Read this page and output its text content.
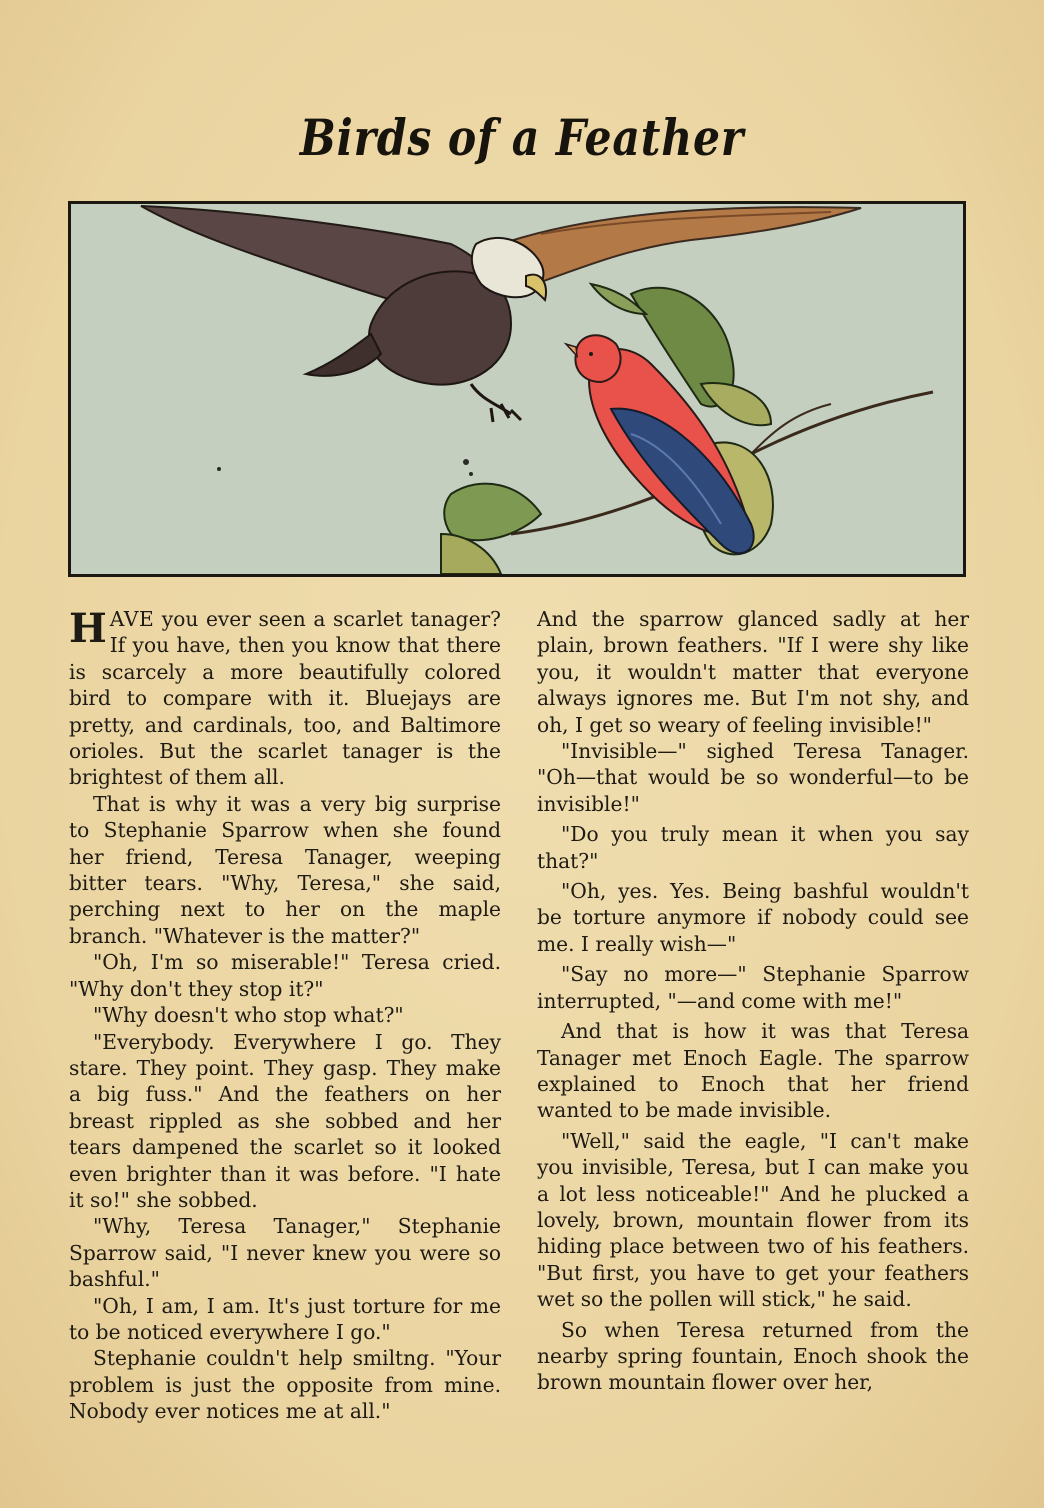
Birds of a Feather

HAVE you ever seen a scarlet tanager? If you have, then you know that there is scarcely a more beautifully colored bird to compare with it. Bluejays are pretty, and cardinals, too, and Baltimore orioles. But the scarlet tanager is the brightest of them all.

That is why it was a very big surprise to Stephanie Sparrow when she found her friend, Teresa Tanager, weeping bitter tears. "Why, Teresa," she said, perching next to her on the maple branch. "Whatever is the matter?"

"Oh, I'm so miserable!" Teresa cried. "Why don't they stop it?"

"Why doesn't who stop what?"

"Everybody. Everywhere I go. They stare. They point. They gasp. They make a big fuss." And the feathers on her breast rippled as she sobbed and her tears dampened the scarlet so it looked even brighter than it was before. "I hate it so!" she sobbed.

"Why, Teresa Tanager," Stephanie Sparrow said, "I never knew you were so bashful."

"Oh, I am, I am. It's just torture for me to be noticed everywhere I go."

Stephanie couldn't help smiltng. "Your problem is just the opposite from mine. Nobody ever notices me at all."

And the sparrow glanced sadly at her plain, brown feathers. "If I were shy like you, it wouldn't matter that everyone always ignores me. But I'm not shy, and oh, I get so weary of feeling invisible!"

"Invisible—" sighed Teresa Tanager. "Oh—that would be so wonderful—to be invisible!"

"Do you truly mean it when you say that?"

"Oh, yes. Yes. Being bashful wouldn't be torture anymore if nobody could see me. I really wish—"

"Say no more—" Stephanie Sparrow interrupted, "—and come with me!"

And that is how it was that Teresa Tanager met Enoch Eagle. The sparrow explained to Enoch that her friend wanted to be made invisible.

"Well," said the eagle, "I can't make you invisible, Teresa, but I can make you a lot less noticeable!" And he plucked a lovely, brown, mountain flower from its hiding place between two of his feathers. "But first, you have to get your feathers wet so the pollen will stick," he said.

So when Teresa returned from the nearby spring fountain, Enoch shook the brown mountain flower over her,
